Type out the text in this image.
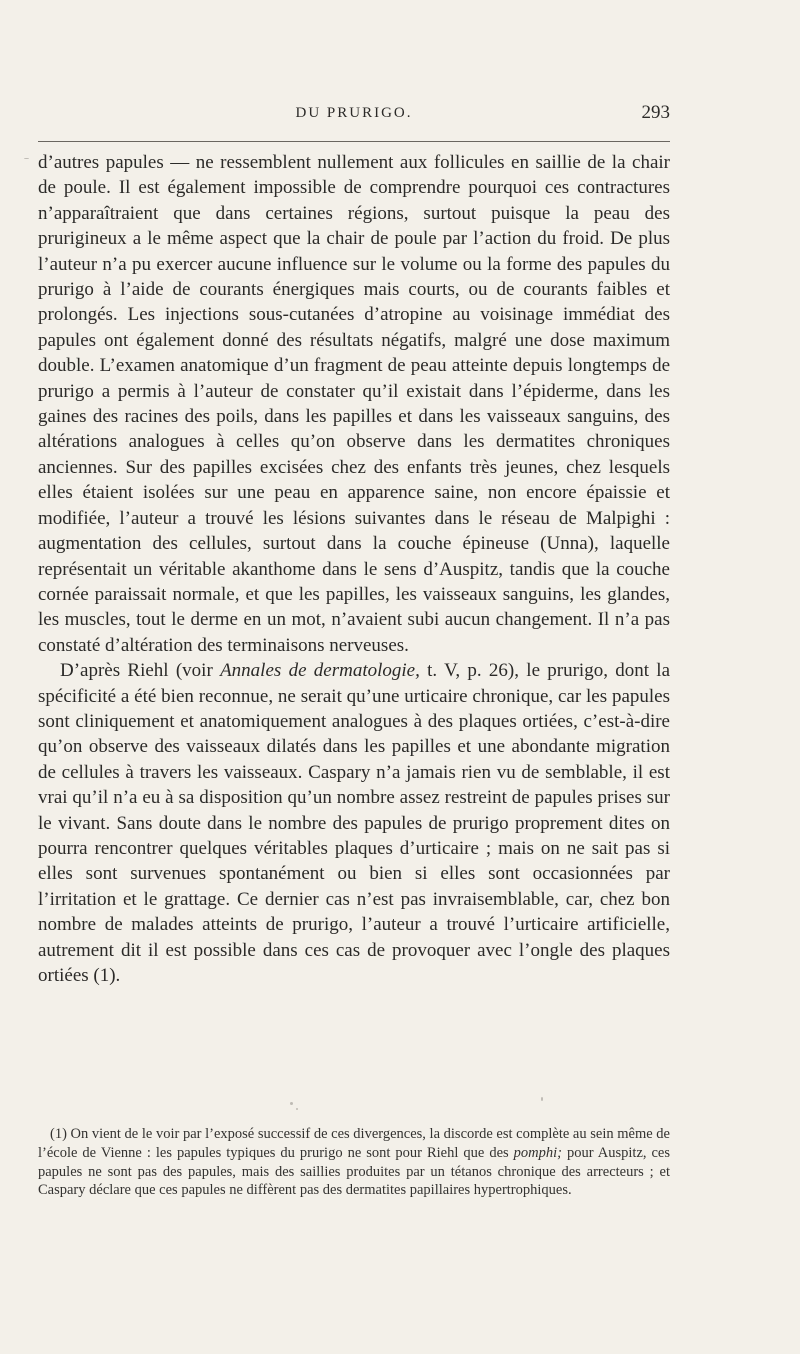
DU PRURIGO.	293

d’autres papules — ne ressemblent nullement aux follicules en saillie de la chair de poule. Il est également impossible de comprendre pourquoi ces contractures n’apparaîtraient que dans certaines régions, surtout puisque la peau des prurigineux a le même aspect que la chair de poule par l’action du froid. De plus l’auteur n’a pu exercer aucune influence sur le volume ou la forme des papules du prurigo à l’aide de courants énergiques mais courts, ou de courants faibles et prolongés. Les injections sous-cutanées d’atropine au voisinage immédiat des papules ont également donné des résultats négatifs, malgré une dose maximum double. L’examen anatomique d’un fragment de peau atteinte depuis longtemps de prurigo a permis à l’auteur de constater qu’il existait dans l’épiderme, dans les gaines des racines des poils, dans les papilles et dans les vaisseaux sanguins, des altérations analogues à celles qu’on observe dans les dermatites chroniques anciennes. Sur des papilles excisées chez des enfants très jeunes, chez lesquels elles étaient isolées sur une peau en apparence saine, non encore épaissie et modifiée, l’auteur a trouvé les lésions suivantes dans le réseau de Malpighi : augmentation des cellules, surtout dans la couche épineuse (Unna), laquelle représentait un véritable akanthome dans le sens d’Auspitz, tandis que la couche cornée paraissait normale, et que les papilles, les vaisseaux sanguins, les glandes, les muscles, tout le derme en un mot, n’avaient subi aucun changement. Il n’a pas constaté d’altération des terminaisons nerveuses.

D’après Riehl (voir Annales de dermatologie, t. V, p. 26), le prurigo, dont la spécificité a été bien reconnue, ne serait qu’une urticaire chronique, car les papules sont cliniquement et anatomiquement analogues à des plaques ortiées, c’est-à-dire qu’on observe des vaisseaux dilatés dans les papilles et une abondante migration de cellules à travers les vaisseaux. Caspary n’a jamais rien vu de semblable, il est vrai qu’il n’a eu à sa disposition qu’un nombre assez restreint de papules prises sur le vivant. Sans doute dans le nombre des papules de prurigo proprement dites on pourra rencontrer quelques véritables plaques d’urticaire ; mais on ne sait pas si elles sont survenues spontanément ou bien si elles sont occasionnées par l’irritation et le grattage. Ce dernier cas n’est pas invraisemblable, car, chez bon nombre de malades atteints de prurigo, l’auteur a trouvé l’urticaire artificielle, autrement dit il est possible dans ces cas de provoquer avec l’ongle des plaques ortiées (1).

(1) On vient de le voir par l’exposé successif de ces divergences, la discorde est complète au sein même de l’école de Vienne : les papules typiques du prurigo ne sont pour Riehl que des pomphi; pour Auspitz, ces papules ne sont pas des papules, mais des saillies produites par un tétanos chronique des arrecteurs ; et Caspary déclare que ces papules ne diffèrent pas des dermatites papillaires hypertrophiques.
